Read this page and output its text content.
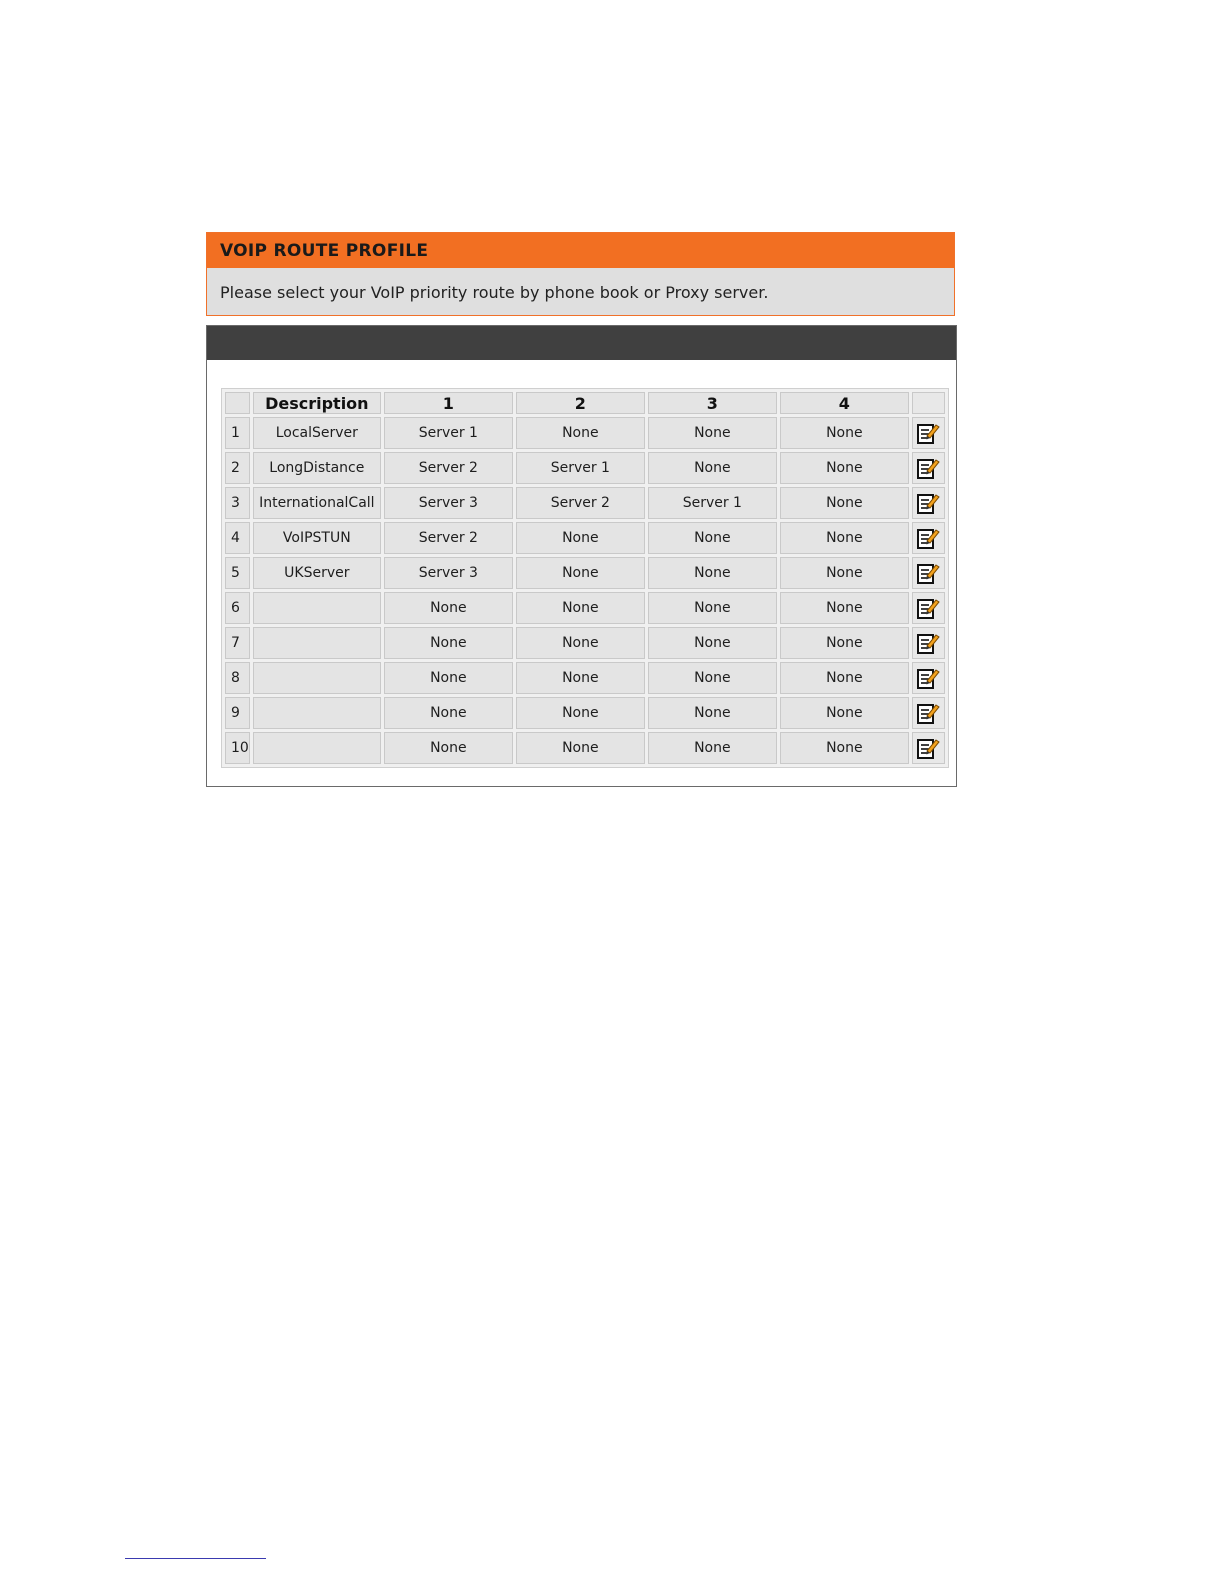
VOIP ROUTE PROFILE
Please select your VoIP priority route by phone book or Proxy server.
	Description	1	2	3	4	
1	LocalServer	Server 1	None	None	None	
2	LongDistance	Server 2	Server 1	None	None	
3	InternationalCall	Server 3	Server 2	Server 1	None	
4	VoIPSTUN	Server 2	None	None	None	
5	UKServer	Server 3	None	None	None	
6		None	None	None	None	
7		None	None	None	None	
8		None	None	None	None	
9		None	None	None	None	
10		None	None	None	None	
